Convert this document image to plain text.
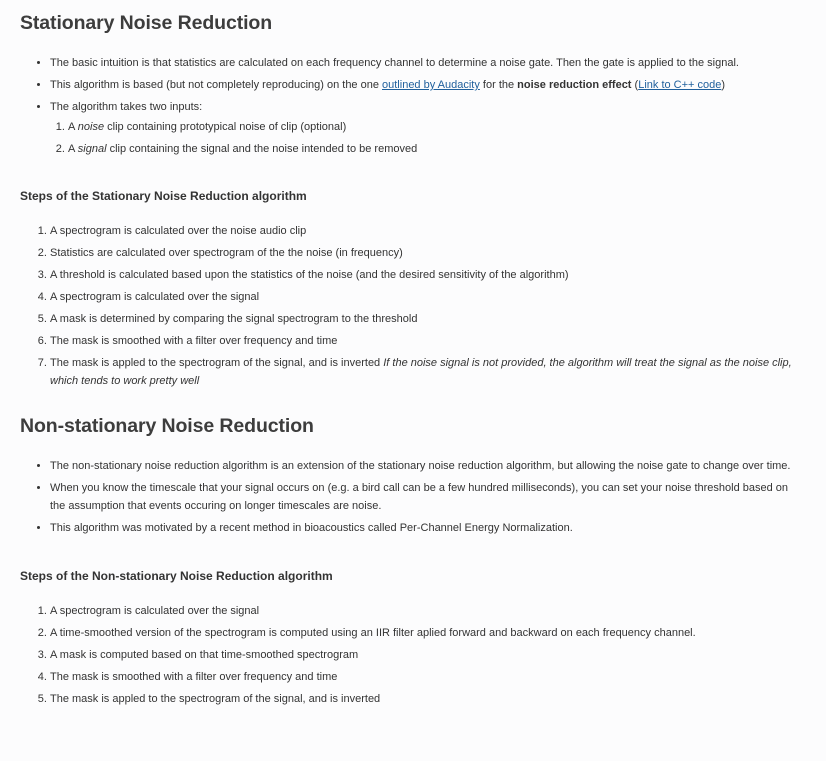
Stationary Noise Reduction
• The basic intuition is that statistics are calculated on each frequency channel to determine a noise gate. Then the gate is applied to the signal.
• This algorithm is based (but not completely reproducing) on the one outlined by Audacity for the noise reduction effect (Link to C++ code)
• The algorithm takes two inputs:
1. A noise clip containing prototypical noise of clip (optional)
2. A signal clip containing the signal and the noise intended to be removed
Steps of the Stationary Noise Reduction algorithm
1. A spectrogram is calculated over the noise audio clip
2. Statistics are calculated over spectrogram of the the noise (in frequency)
3. A threshold is calculated based upon the statistics of the noise (and the desired sensitivity of the algorithm)
4. A spectrogram is calculated over the signal
5. A mask is determined by comparing the signal spectrogram to the threshold
6. The mask is smoothed with a filter over frequency and time
7. The mask is appled to the spectrogram of the signal, and is inverted If the noise signal is not provided, the algorithm will treat the signal as the noise clip, which tends to work pretty well
Non-stationary Noise Reduction
• The non-stationary noise reduction algorithm is an extension of the stationary noise reduction algorithm, but allowing the noise gate to change over time.
• When you know the timescale that your signal occurs on (e.g. a bird call can be a few hundred milliseconds), you can set your noise threshold based on the assumption that events occuring on longer timescales are noise.
• This algorithm was motivated by a recent method in bioacoustics called Per-Channel Energy Normalization.
Steps of the Non-stationary Noise Reduction algorithm
1. A spectrogram is calculated over the signal
2. A time-smoothed version of the spectrogram is computed using an IIR filter aplied forward and backward on each frequency channel.
3. A mask is computed based on that time-smoothed spectrogram
4. The mask is smoothed with a filter over frequency and time
5. The mask is appled to the spectrogram of the signal, and is inverted
